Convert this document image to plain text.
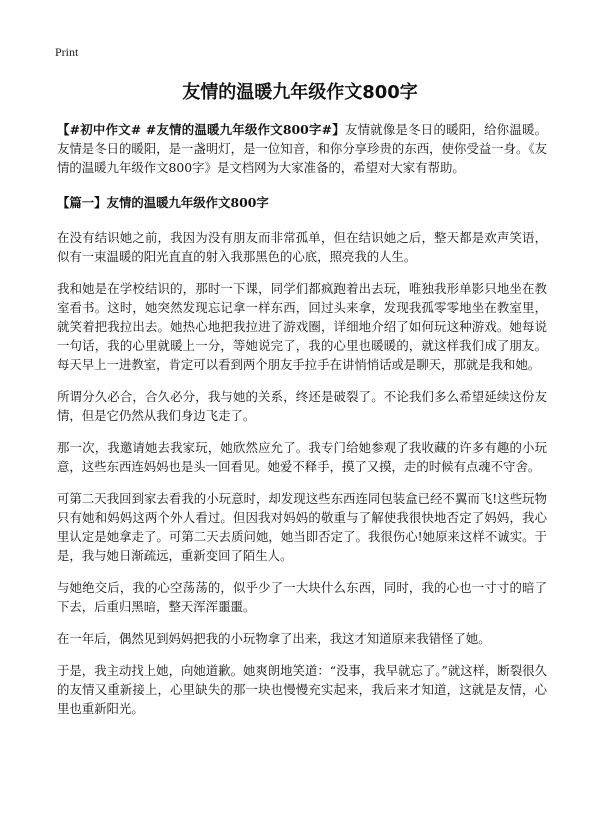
Print
友情的温暖九年级作文800字

【#初中作文# #友情的温暖九年级作文800字#】友情就像是冬日的暖阳，给你温暖。友情是冬日的暖阳，是一盏明灯，是一位知音，和你分享珍贵的东西，使你受益一身。《友情的温暖九年级作文800字》是文档网为大家准备的，希望对大家有帮助。

【篇一】友情的温暖九年级作文800字

在没有结识她之前，我因为没有朋友而非常孤单，但在结识她之后，整天都是欢声笑语，似有一束温暖的阳光直直的射入我那黑色的心底，照亮我的人生。

我和她是在学校结识的，那时一下课，同学们都疯跑着出去玩，唯独我形单影只地坐在教室看书。这时，她突然发现忘记拿一样东西，回过头来拿，发现我孤零零地坐在教室里，就笑着把我拉出去。她热心地把我拉进了游戏圈，详细地介绍了如何玩这种游戏。她每说一句话，我的心里就暖上一分，等她说完了，我的心里也暖暖的，就这样我们成了朋友。每天早上一进教室，肯定可以看到两个朋友手拉手在讲悄悄话或是聊天，那就是我和她。

所谓分久必合，合久必分，我与她的关系，终还是破裂了。不论我们多么希望延续这份友情，但是它仍然从我们身边飞走了。

那一次，我邀请她去我家玩，她欣然应允了。我专门给她参观了我收藏的许多有趣的小玩意，这些东西连妈妈也是头一回看见。她爱不释手，摸了又摸，走的时候有点魂不守舍。

可第二天我回到家去看我的小玩意时，却发现这些东西连同包装盒已经不翼而飞!这些玩物只有她和妈妈这两个外人看过。但因我对妈妈的敬重与了解使我很快地否定了妈妈，我心里认定是她拿走了。可第二天去质问她，她当即否定了。我很伤心!她原来这样不诚实。于是，我与她日渐疏远，重新变回了陌生人。

与她绝交后，我的心空荡荡的，似乎少了一大块什么东西，同时，我的心也一寸寸的暗了下去，后重归黑暗，整天浑浑噩噩。

在一年后，偶然见到妈妈把我的小玩物拿了出来，我这才知道原来我错怪了她。

于是，我主动找上她，向她道歉。她爽朗地笑道：“没事，我早就忘了。”就这样，断裂很久的友情又重新接上，心里缺失的那一块也慢慢充实起来，我后来才知道，这就是友情，心里也重新阳光。
